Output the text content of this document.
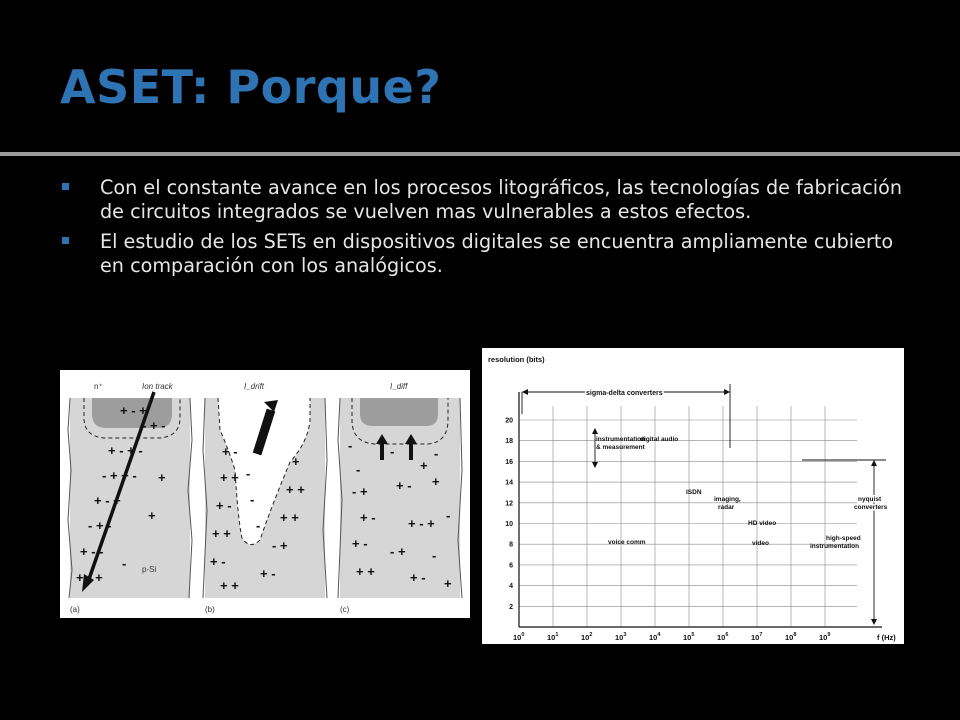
ASET: Porque?
Con el constante avance en los procesos litográficos, las tecnologías de fabricación de circuitos integrados se vuelven mas vulnerables a estos efectos.
El estudio de los SETs en dispositivos digitales se encuentra ampliamente cubierto en comparación con los analógicos.
+ - +
- + -
+ - + -
- + + -
+ - +
- + -
+ - -
+ - +
+
+
-
Ion track
n⁺
p-Si
(a)
+ -
+ +
+ -
+ +
+ -
+ +
+
+ +
+ +
- +
+ -
-
-
-
I_drift
(b)
-
-
-
+
-
- + + - +
+ - + - +
-
+ -
- + -
+ +	+ - +
I_diff
(c)
resolution (bits)
f (Hz)
2
4
6
8
10
12
14
16
18
20
$10^0$	$10^1$	$10^2$	$10^3$	$10^4$	$10^5$	$10^6$	$10^7$	$10^8$	$10^9$
sigma-delta converters
instrumentation
& measurement
digital audio
ISDN
imaging,
radar
HD video
voice comm	video
high-speed
instrumentation
nyquist
converters
